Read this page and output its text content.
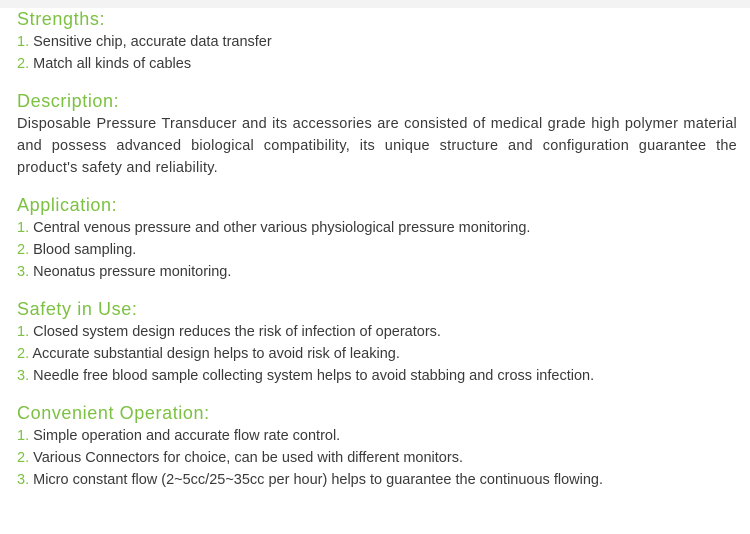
Strengths:
1. Sensitive chip, accurate data transfer
2. Match all kinds of cables
Description:

Disposable Pressure Transducer and its accessories are consisted of medical grade high polymer material and possess advanced biological compatibility, its unique structure and configuration guarantee the product's safety and reliability.

Application:
1. Central venous pressure and other various physiological pressure monitoring.
2. Blood sampling.
3. Neonatus pressure monitoring.
Safety in Use:
1. Closed system design reduces the risk of infection of operators.
2. Accurate substantial design helps to avoid risk of leaking.
3. Needle free blood sample collecting system helps to avoid stabbing and cross infection.
Convenient Operation:
1. Simple operation and accurate flow rate control.
2. Various Connectors for choice, can be used with different monitors.
3. Micro constant flow (2~5cc/25~35cc per hour) helps to guarantee the continuous flowing.
